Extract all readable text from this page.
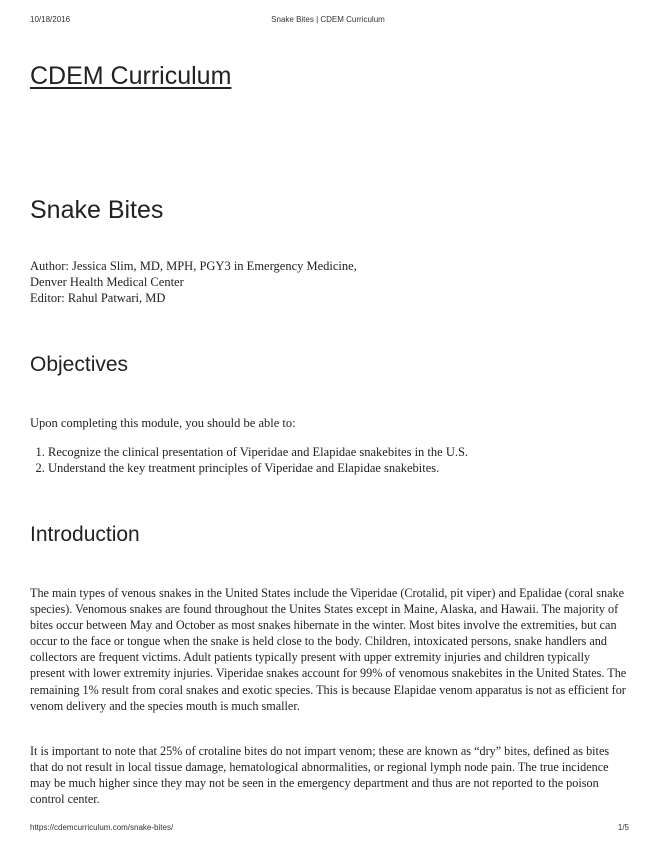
10/18/2016	Snake Bites | CDEM Curriculum
CDEM Curriculum
Snake Bites

Author: Jessica Slim, MD, MPH, PGY3 in Emergency Medicine,
Denver Health Medical Center
Editor: Rahul Patwari, MD

Objectives

Upon completing this module, you should be able to:

1. Recognize the clinical presentation of Viperidae and Elapidae snakebites in the U.S.
2. Understand the key treatment principles of Viperidae and Elapidae snakebites.
Introduction

The main types of venous snakes in the United States include the Viperidae (Crotalid, pit viper) and Epalidae (coral snake species). Venomous snakes are found throughout the Unites States except in Maine, Alaska, and Hawaii. The majority of bites occur between May and October as most snakes hibernate in the winter. Most bites involve the extremities, but can occur to the face or tongue when the snake is held close to the body. Children, intoxicated persons, snake handlers and collectors are frequent victims. Adult patients typically present with upper extremity injuries and children typically present with lower extremity injuries. Viperidae snakes account for 99% of venomous snakebites in the United States. The remaining 1% result from coral snakes and exotic species. This is because Elapidae venom apparatus is not as efficient for venom delivery and the species mouth is much smaller.

It is important to note that 25% of crotaline bites do not impart venom; these are known as “dry” bites, defined as bites that do not result in local tissue damage, hematological abnormalities, or regional lymph node pain. The true incidence may be much higher since they may not be seen in the emergency department and thus are not reported to the poison control center.

https://cdemcurriculum.com/snake-bites/	1/5
